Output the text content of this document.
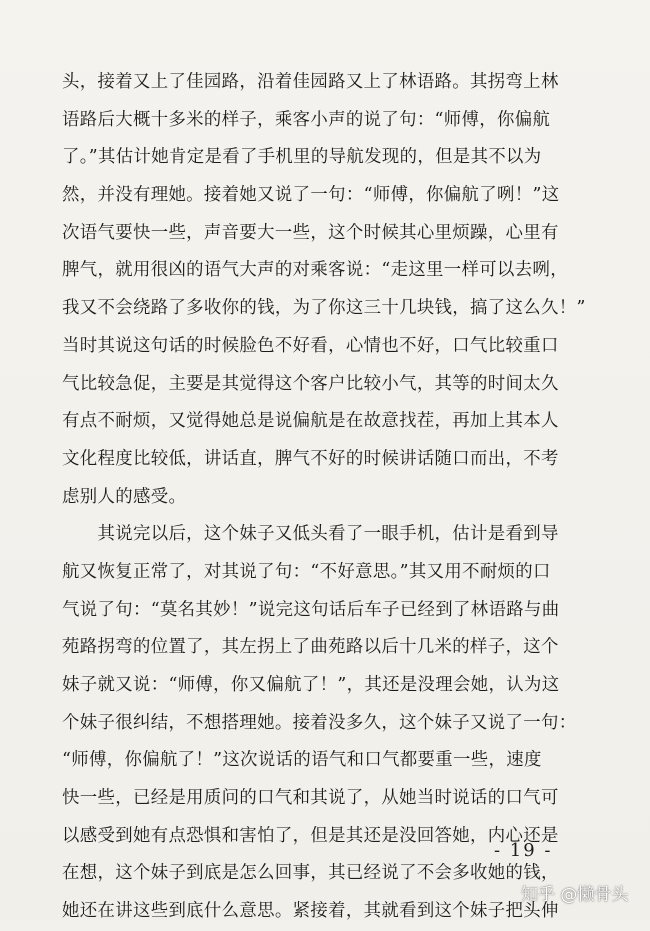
头，接着又上了佳园路，沿着佳园路又上了林语路。其拐弯上林
语路后大概十多米的样子，乘客小声的说了句：“师傅，你偏航
了。”其估计她肯定是看了手机里的导航发现的，但是其不以为
然，并没有理她。接着她又说了一句：“师傅，你偏航了咧！”这
次语气要快一些，声音要大一些，这个时候其心里烦躁，心里有
脾气，就用很凶的语气大声的对乘客说：“走这里一样可以去咧，
我又不会绕路了多收你的钱，为了你这三十几块钱，搞了这么久！”
当时其说这句话的时候脸色不好看，心情也不好，口气比较重口
气比较急促，主要是其觉得这个客户比较小气，其等的时间太久
有点不耐烦，又觉得她总是说偏航是在故意找茬，再加上其本人
文化程度比较低，讲话直，脾气不好的时候讲话随口而出，不考
虑别人的感受。
　　其说完以后，这个妹子又低头看了一眼手机，估计是看到导
航又恢复正常了，对其说了句：“不好意思。”其又用不耐烦的口
气说了句：“莫名其妙！”说完这句话后车子已经到了林语路与曲
苑路拐弯的位置了，其左拐上了曲苑路以后十几米的样子，这个
妹子就又说：“师傅，你又偏航了！”，其还是没理会她，认为这
个妹子很纠结，不想搭理她。接着没多久，这个妹子又说了一句：
“师傅，你偏航了！”这次说话的语气和口气都要重一些，速度
快一些，已经是用质问的口气和其说了，从她当时说话的口气可
以感受到她有点恐惧和害怕了，但是其还是没回答她，内心还是
在想，这个妹子到底是怎么回事，其已经说了不会多收她的钱，
她还在讲这些到底什么意思。紧接着，其就看到这个妹子把头伸
- 19 -
知乎 @懒骨头
